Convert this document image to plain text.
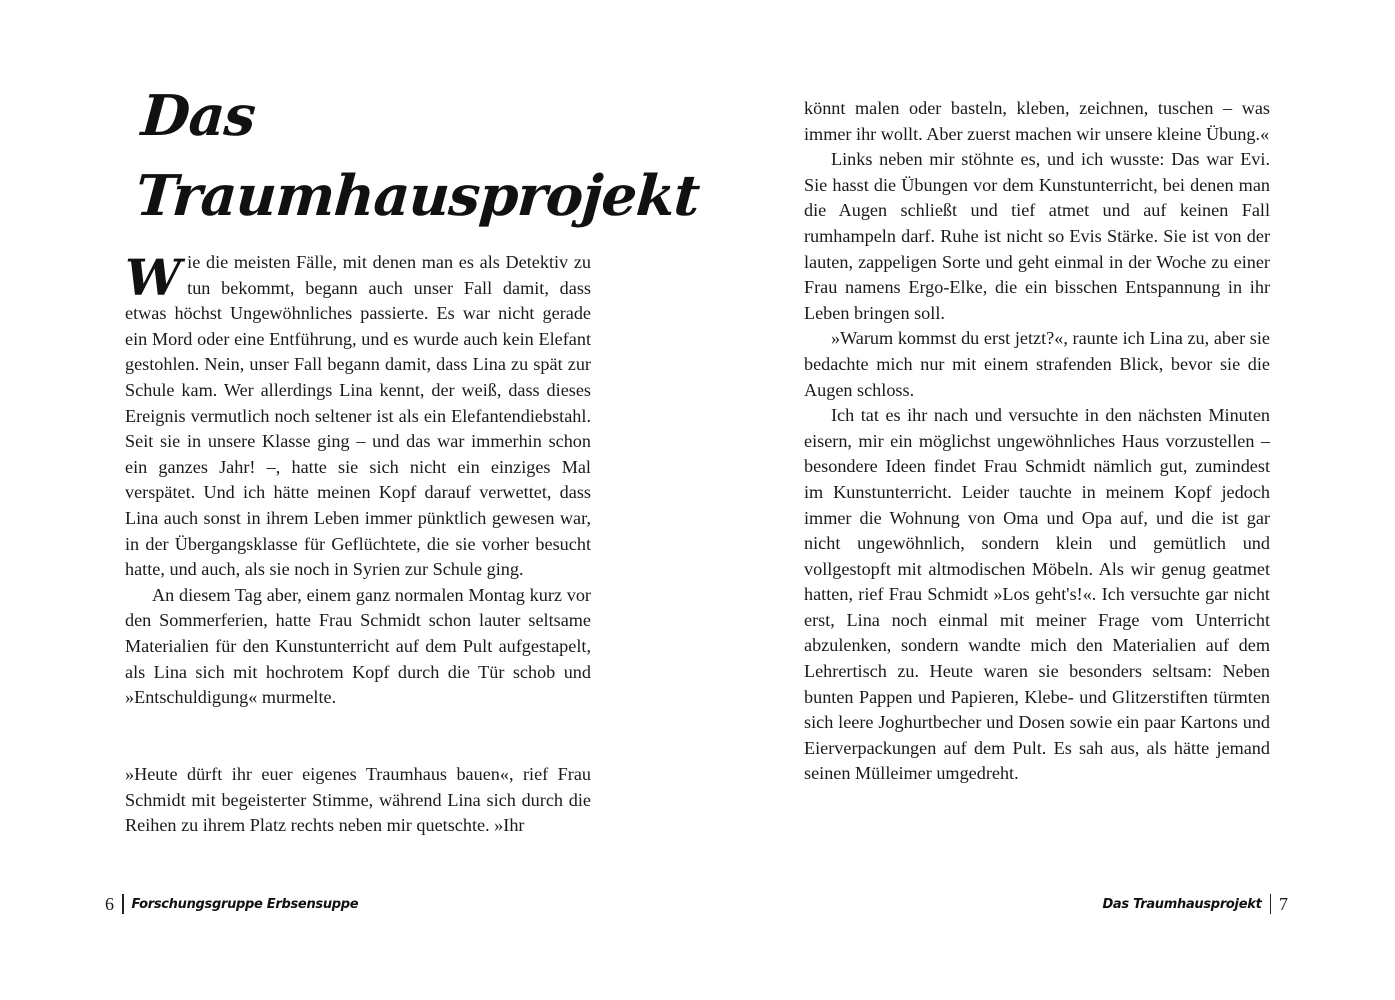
Das Traumhausprojekt

Wie die meisten Fälle, mit denen man es als Detektiv zu tun bekommt, begann auch unser Fall damit, dass etwas höchst Ungewöhnliches passierte. Es war nicht gerade ein Mord oder eine Entführung, und es wurde auch kein Elefant gestohlen. Nein, unser Fall begann damit, dass Lina zu spät zur Schule kam. Wer allerdings Lina kennt, der weiß, dass dieses Ereignis vermutlich noch seltener ist als ein Elefantendiebstahl. Seit sie in unsere Klasse ging – und das war immerhin schon ein ganzes Jahr! –, hatte sie sich nicht ein einziges Mal verspätet. Und ich hätte meinen Kopf darauf verwettet, dass Lina auch sonst in ihrem Leben immer pünktlich gewesen war, in der Übergangsklasse für Geflüchtete, die sie vorher besucht hatte, und auch, als sie noch in Syrien zur Schule ging.

An diesem Tag aber, einem ganz normalen Montag kurz vor den Sommerferien, hatte Frau Schmidt schon lauter seltsame Materialien für den Kunstunterricht auf dem Pult aufgestapelt, als Lina sich mit hochrotem Kopf durch die Tür schob und »Entschuldigung« murmelte.

»Heute dürft ihr euer eigenes Traumhaus bauen«, rief Frau Schmidt mit begeisterter Stimme, während Lina sich durch die Reihen zu ihrem Platz rechts neben mir quetschte. »Ihr

könnt malen oder basteln, kleben, zeichnen, tuschen – was immer ihr wollt. Aber zuerst machen wir unsere kleine Übung.«

Links neben mir stöhnte es, und ich wusste: Das war Evi. Sie hasst die Übungen vor dem Kunstunterricht, bei denen man die Augen schließt und tief atmet und auf keinen Fall rumhampeln darf. Ruhe ist nicht so Evis Stärke. Sie ist von der lauten, zappeligen Sorte und geht einmal in der Woche zu einer Frau namens Ergo-Elke, die ein bisschen Entspannung in ihr Leben bringen soll.

»Warum kommst du erst jetzt?«, raunte ich Lina zu, aber sie bedachte mich nur mit einem strafenden Blick, bevor sie die Augen schloss.

Ich tat es ihr nach und versuchte in den nächsten Minuten eisern, mir ein möglichst ungewöhnliches Haus vorzustellen – besondere Ideen findet Frau Schmidt nämlich gut, zumindest im Kunstunterricht. Leider tauchte in meinem Kopf jedoch immer die Wohnung von Oma und Opa auf, und die ist gar nicht ungewöhnlich, sondern klein und gemütlich und vollgestopft mit altmodischen Möbeln. Als wir genug geatmet hatten, rief Frau Schmidt »Los geht's!«. Ich versuchte gar nicht erst, Lina noch einmal mit meiner Frage vom Unterricht abzulenken, sondern wandte mich den Materialien auf dem Lehrertisch zu. Heute waren sie besonders seltsam: Neben bunten Pappen und Papieren, Klebe- und Glitzerstiften türmten sich leere Joghurtbecher und Dosen sowie ein paar Kartons und Eierverpackungen auf dem Pult. Es sah aus, als hätte jemand seinen Mülleimer umgedreht.

6 Forschungsgruppe Erbsensuppe	Das Traumhausprojekt 7
